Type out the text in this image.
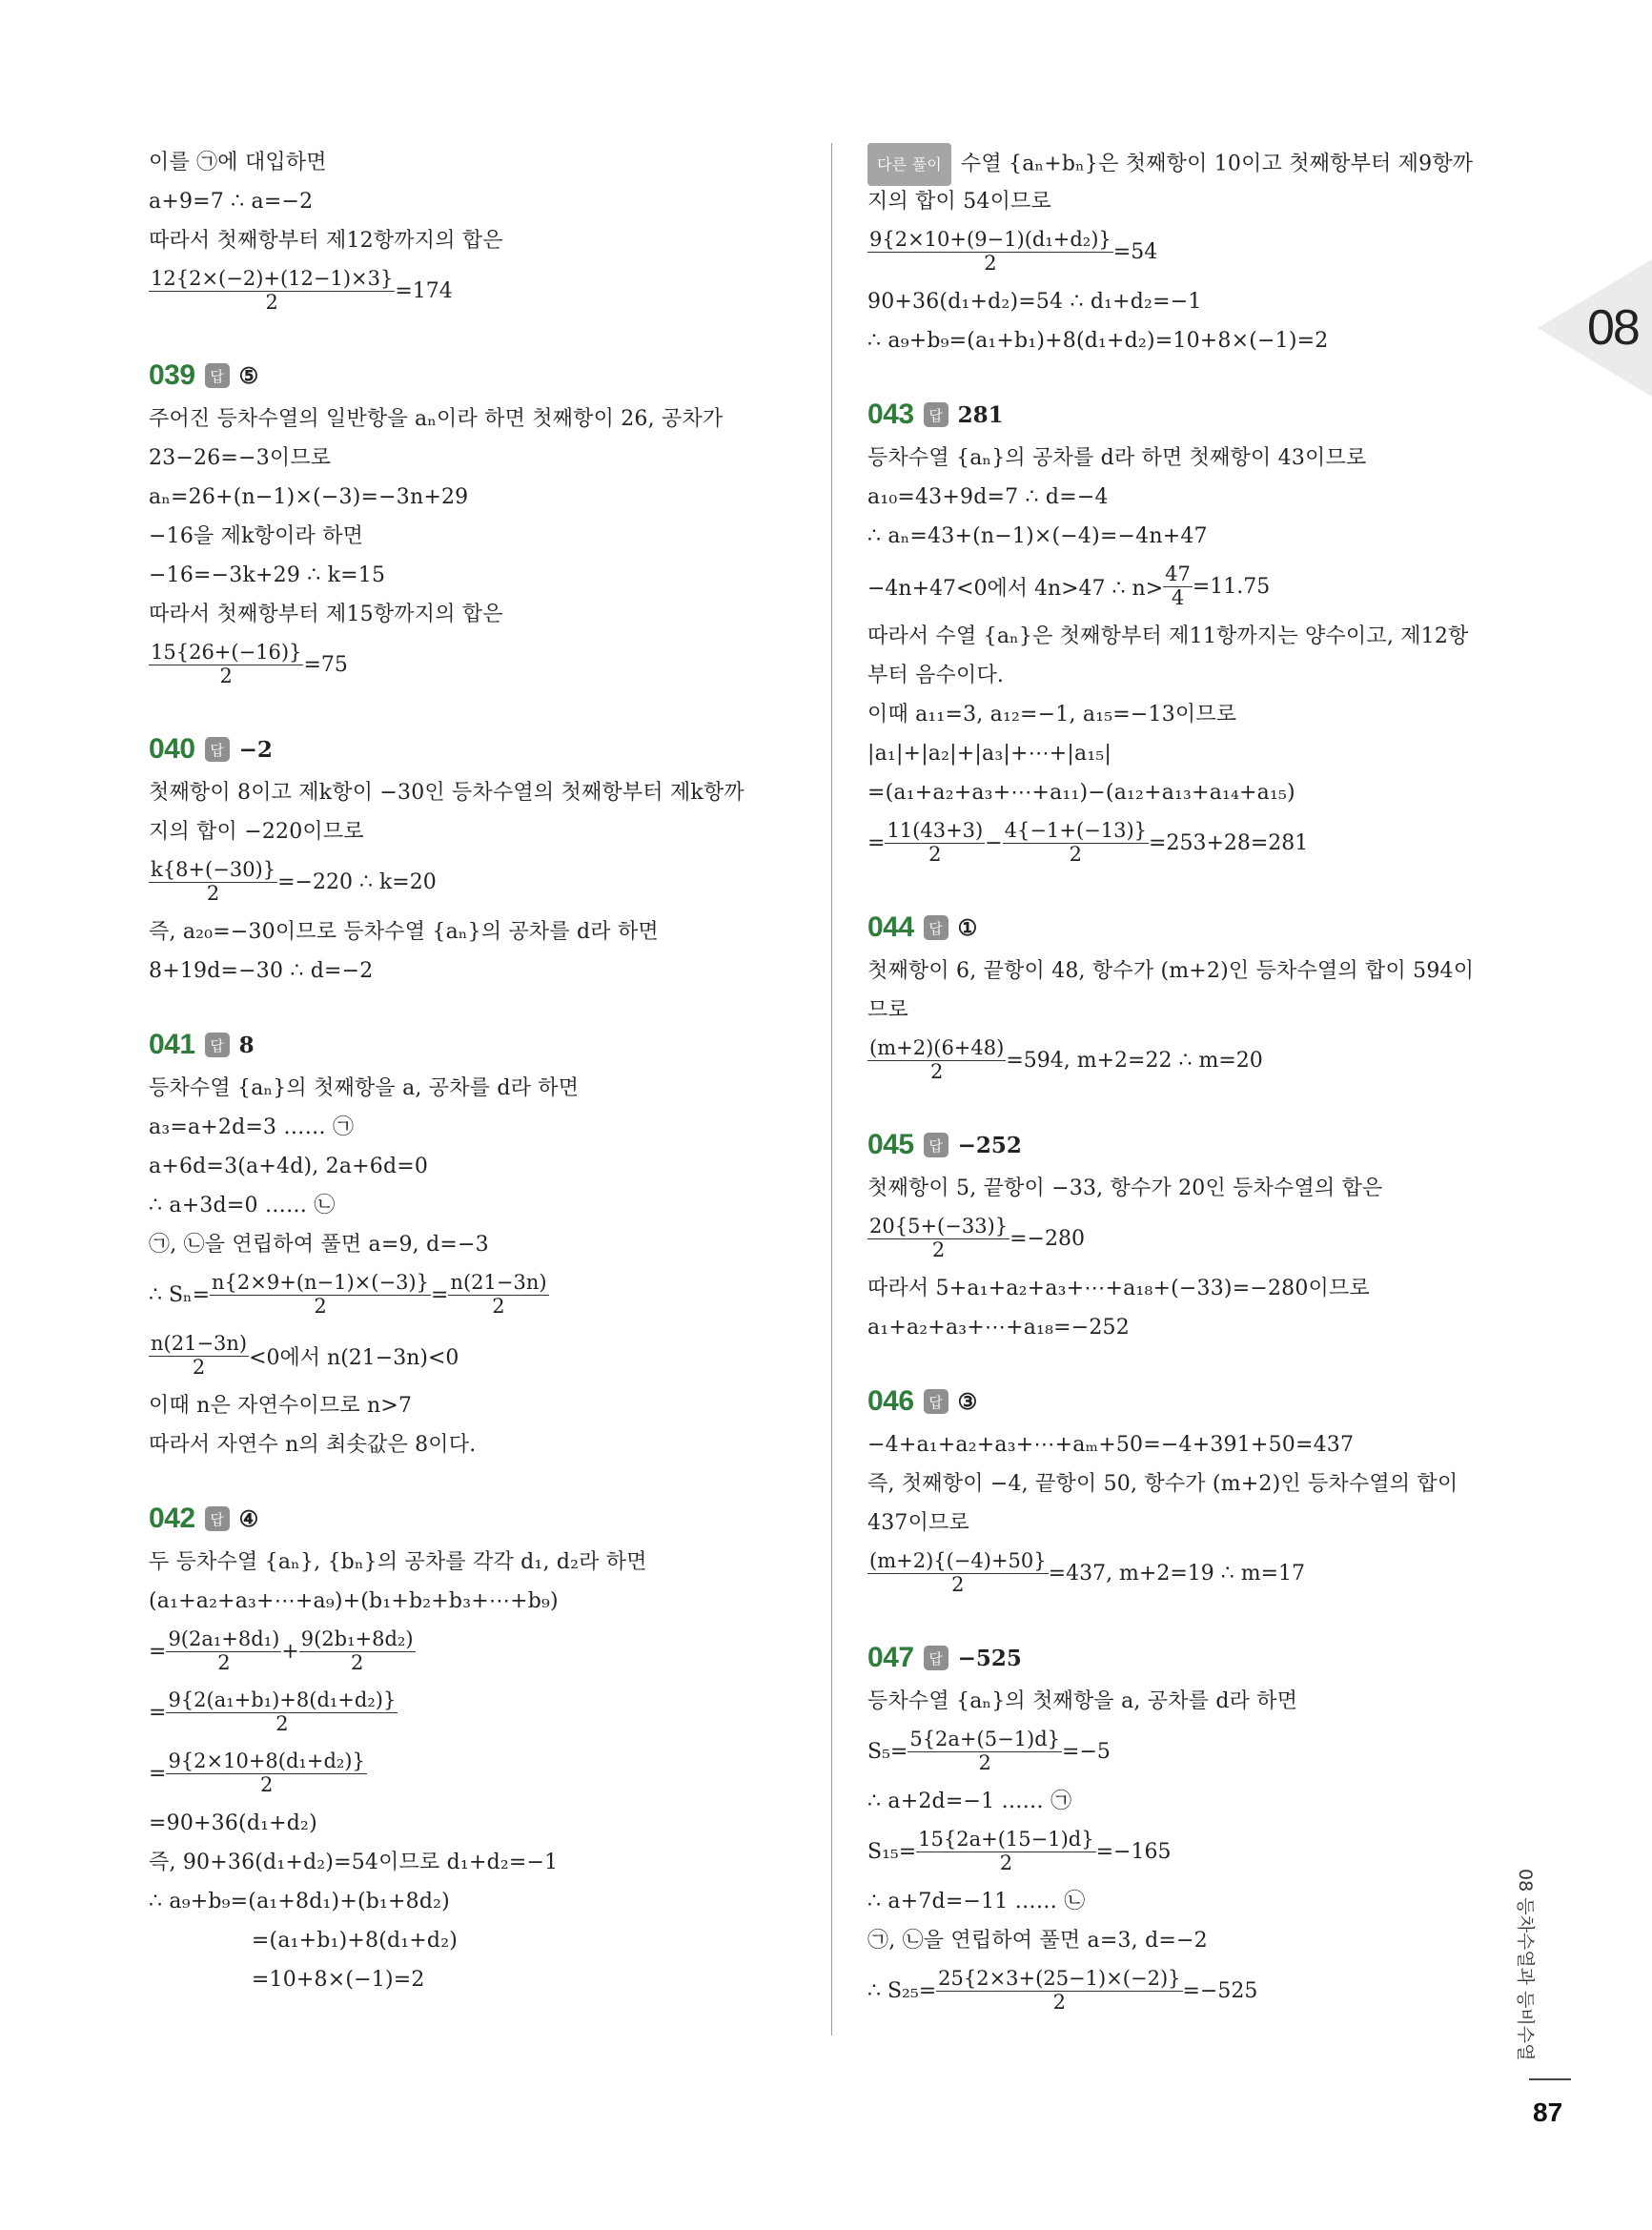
이를 ㉠에 대입하면
a+9=7 ∴ a=−2
따라서 첫째항부터 제12항까지의 합은
$\frac{12\{2\times(-2)+(12-1)\times 3\}}{2} =174$
039	답 ⑤
주어진 등차수열의 일반항을 aₙ이라 하면 첫째항이 26, 공차가
23−26=−3이므로
aₙ=26+(n−1)×(−3)=−3n+29
−16을 제k항이라 하면
−16=−3k+29 ∴ k=15
따라서 첫째항부터 제15항까지의 합은
$\frac{15\{26+(-16)\}}{2} =75$
040	답 −2
첫째항이 8이고 제k항이 −30인 등차수열의 첫째항부터 제k항까
지의 합이 −220이므로
$\frac{k\{8+(-30)\}}{2} =-220$ ∴ k=20
즉, a₂₀=−30이므로 등차수열 {aₙ}의 공차를 d라 하면
8+19d=−30 ∴ d=−2
041	답 8
등차수열 {aₙ}의 첫째항을 a, 공차를 d라 하면
a₃=a+2d=3 …… ㉠
a+6d=3(a+4d), 2a+6d=0
∴ a+3d=0 …… ㉡
㉠, ㉡을 연립하여 풀면 a=9, d=−3
∴ $S_n= \frac{n\{2\times 9+(n-1)\times(-3)\}}{2} = \frac{n(21-3n)}{2}$
$\frac{n(21-3n)}{2} <0$에서 n(21−3n)<0
이때 n은 자연수이므로 n>7
따라서 자연수 n의 최솟값은 8이다.
042	답 ④
두 등차수열 {aₙ}, {bₙ}의 공차를 각각 d₁, d₂라 하면
(a₁+a₂+a₃+⋯+a₉)+(b₁+b₂+b₃+⋯+b₉)
= $\frac{\text{9(2a₁+8d₁)}}{2} + \frac{\text{9(2b₁+8d₂)}}{2}$
= $\frac{\text{9\{2(a₁+b₁)+8(d₁+d₂)\}}}{2}$
= $\frac{\text{9\{2×10+8(d₁+d₂)\}}}{2}$
=90+36(d₁+d₂)
즉, 90+36(d₁+d₂)=54이므로 d₁+d₂=−1
∴ a₉+b₉=(a₁+8d₁)+(b₁+8d₂)
=(a₁+b₁)+8(d₁+d₂)
=10+8×(−1)=2
다른 풀이 수열 {aₙ+bₙ}은 첫째항이 10이고 첫째항부터 제9항까
지의 합이 54이므로
$\frac{\text{9\{2×10+(9−1)(d₁+d₂)\}}}{2} =54$
90+36(d₁+d₂)=54 ∴ d₁+d₂=−1
∴ a₉+b₉=(a₁+b₁)+8(d₁+d₂)=10+8×(−1)=2
043	답 281
등차수열 {aₙ}의 공차를 d라 하면 첫째항이 43이므로
a₁₀=43+9d=7 ∴ d=−4
∴ aₙ=43+(n−1)×(−4)=−4n+47
−4n+47<0에서 4n>47 ∴ $n> \frac{47}{4} =11.75$
따라서 수열 {aₙ}은 첫째항부터 제11항까지는 양수이고, 제12항
부터 음수이다.
이때 a₁₁=3, a₁₂=−1, a₁₅=−13이므로
|a₁|+|a₂|+|a₃|+⋯+|a₁₅|
=(a₁+a₂+a₃+⋯+a₁₁)−(a₁₂+a₁₃+a₁₄+a₁₅)
= $\frac{11(43+3)}{2} - \frac{4\{-1+(-13)\}}{2} =253+28=281$
044	답 ①
첫째항이 6, 끝항이 48, 항수가 (m+2)인 등차수열의 합이 594이
므로
$\frac{(m+2)(6+48)}{2} =594$, m+2=22 ∴ m=20
045	답 −252
첫째항이 5, 끝항이 −33, 항수가 20인 등차수열의 합은
$\frac{20\{5+(-33)\}}{2} =-280$
따라서 5+a₁+a₂+a₃+⋯+a₁₈+(−33)=−280이므로
a₁+a₂+a₃+⋯+a₁₈=−252
046	답 ③
−4+a₁+a₂+a₃+⋯+aₘ+50=−4+391+50=437
즉, 첫째항이 −4, 끝항이 50, 항수가 (m+2)인 등차수열의 합이
437이므로
$\frac{(m+2)\{(-4)+50\}}{2} =437$, m+2=19 ∴ m=17
047	답 −525
등차수열 {aₙ}의 첫째항을 a, 공차를 d라 하면
$S_5= \frac{5\{2a+(5-1)d\}}{2} =-5$
∴ a+2d=−1 …… ㉠
$S_{15}= \frac{15\{2a+(15-1)d\}}{2} =-165$
∴ a+7d=−11 …… ㉡
㉠, ㉡을 연립하여 풀면 a=3, d=−2
∴ $S_{25}= \frac{25\{2\times 3+(25-1)\times(-2)\}}{2} =-525$
08
08 등차수열과 등비수열
87
